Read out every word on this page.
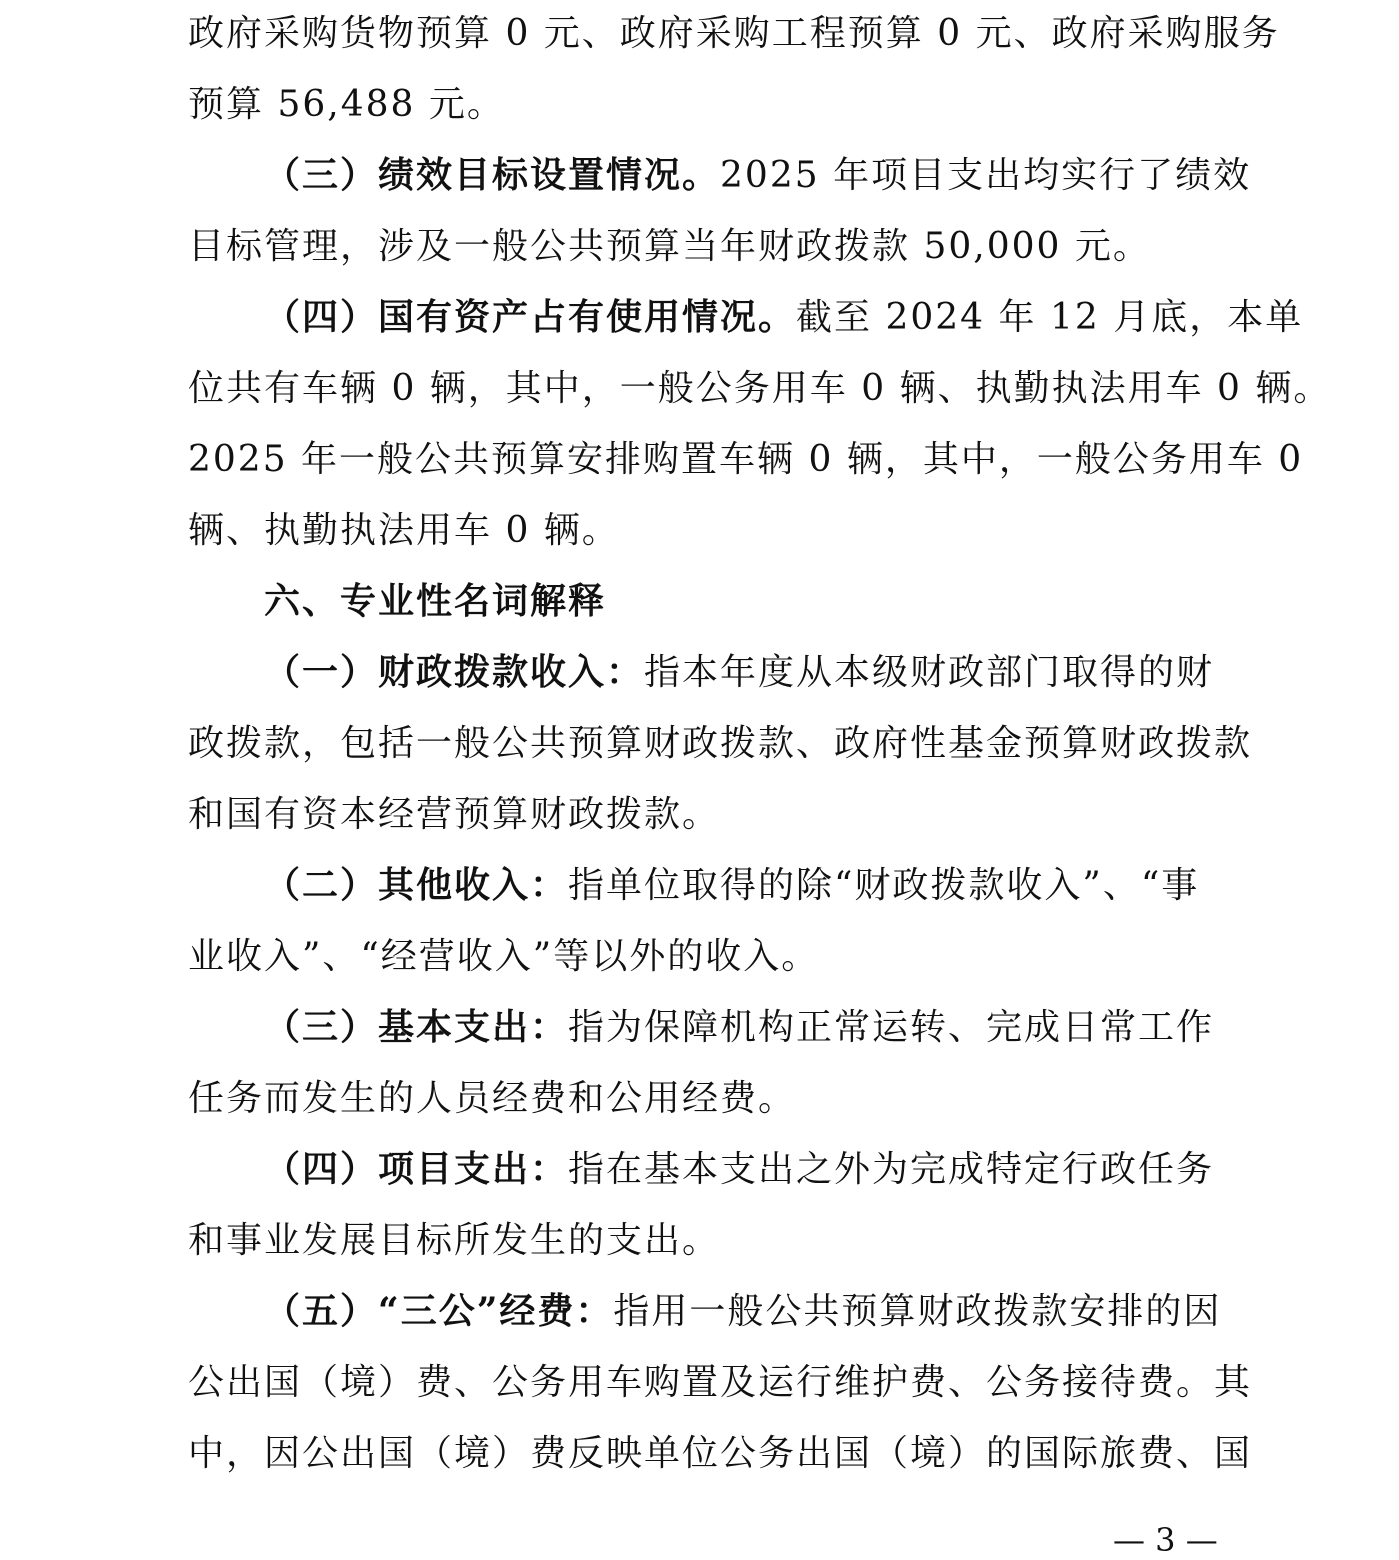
政府采购货物预算 0 元、政府采购工程预算 0 元、政府采购服务
预算 56,488 元。
（三）绩效目标设置情况。2025 年项目支出均实行了绩效
目标管理，涉及一般公共预算当年财政拨款 50,000 元。
（四）国有资产占有使用情况。截至 2024 年 12 月底，本单
位共有车辆 0 辆，其中，一般公务用车 0 辆、执勤执法用车 0 辆。
2025 年一般公共预算安排购置车辆 0 辆，其中，一般公务用车 0
辆、执勤执法用车 0 辆。
六、专业性名词解释
（一）财政拨款收入：指本年度从本级财政部门取得的财
政拨款，包括一般公共预算财政拨款、政府性基金预算财政拨款
和国有资本经营预算财政拨款。
（二）其他收入：指单位取得的除“财政拨款收入”、“事
业收入”、“经营收入”等以外的收入。
（三）基本支出：指为保障机构正常运转、完成日常工作
任务而发生的人员经费和公用经费。
（四）项目支出：指在基本支出之外为完成特定行政任务
和事业发展目标所发生的支出。
（五）“三公”经费：指用一般公共预算财政拨款安排的因
公出国（境）费、公务用车购置及运行维护费、公务接待费。其
中，因公出国（境）费反映单位公务出国（境）的国际旅费、国
— 3 —
